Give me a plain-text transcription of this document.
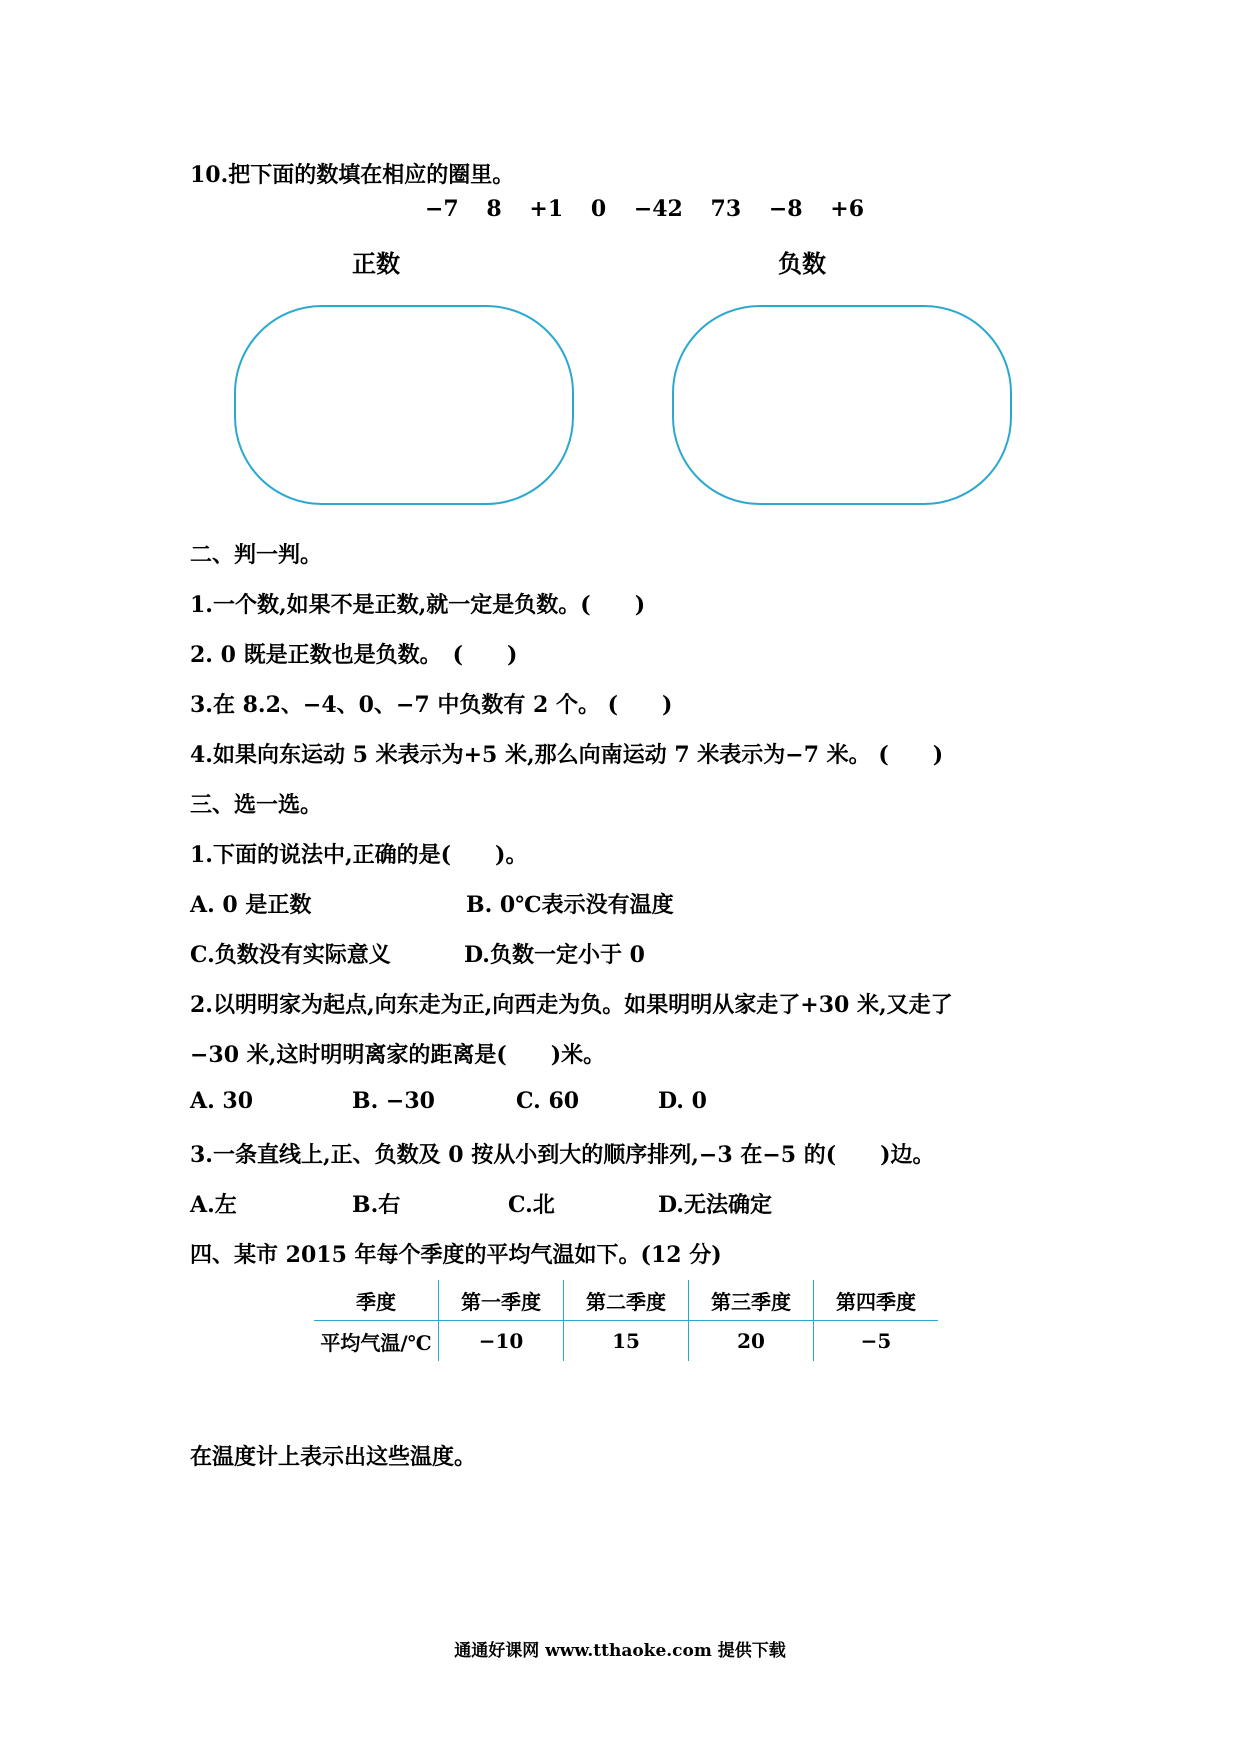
10.把下面的数填在相应的圈里。
−7 8 +1 0 −42 73 −8 +6
正数	负数
二、判一判。
1.一个数,如果不是正数,就一定是负数。(　　)
2. 0 既是正数也是负数。　(　　)
3.在 8.2、−4、0、−7 中负数有 2 个。 (　　)
4.如果向东运动 5 米表示为+5 米,那么向南运动 7 米表示为−7 米。 (　　)
三、选一选。
1.下面的说法中,正确的是(　　)。
A. 0 是正数	B. 0℃表示没有温度
C.负数没有实际意义	D.负数一定小于 0
2.以明明家为起点,向东走为正,向西走为负。如果明明从家走了+30 米,又走了
−30 米,这时明明离家的距离是(　　)米。
A. 30	B. −30	C. 60	D. 0
3.一条直线上,正、负数及 0 按从小到大的顺序排列,−3 在−5 的(　　)边。
A.左	B.右	C.北	D.无法确定
四、某市 2015 年每个季度的平均气温如下。(12 分)
季度	第一季度	第二季度	第三季度	第四季度
平均气温/℃	−10	15	20	−5
在温度计上表示出这些温度。
通通好课网 www.tthaoke.com 提供下载
